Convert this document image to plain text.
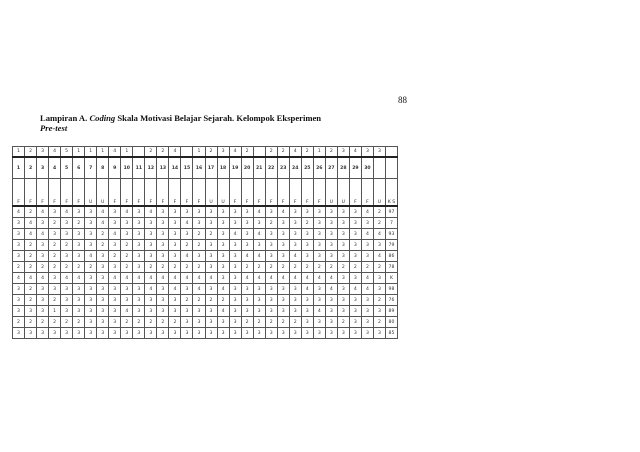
88
Lampiran A. Coding Skala Motivasi Belajar Sejarah. Kelompok Eksperimen
Pre-test
1	2	3	4	5	1	1	1	4	1		2	2	4		1	2	3	4	2		2	2	4	2	1	2	3	4	3	3	
1	2	3	4	5	6	7	8	9	10	11	12	13	14	15	16	17	18	19	20	21	22	23	24	25	26	27	28	29	30		
F	F	F	F	F	F	U	U	F	F	F	F	F	F	F	F	U	U	F	F	F	F	F	F	F	F	U	U	F	F	U	K S
4	2	4	3	4	3	3	4	3	4	3	4	3	3	3	3	3	3	3	3	4	3	4	3	3	3	3	3	3	4	2	97
3	4	3	2	3	2	3	4	3	3	3	3	3	3	4	3	3	3	3	3	3	2	3	3	2	3	3	3	3	3	2	7
3	4	4	3	3	3	3	2	4	3	3	3	3	3	3	2	2	3	4	3	4	3	3	3	3	3	3	3	3	4	4	93
3	2	3	2	2	3	3	2	3	2	3	3	3	3	2	2	3	3	3	3	3	3	3	3	3	3	3	3	3	3	3	79
3	2	3	2	3	3	4	3	2	2	3	3	3	3	4	3	3	3	3	4	4	3	3	4	3	3	3	3	3	3	4	86
2	2	2	2	2	2	2	3	3	2	3	2	2	2	2	2	3	3	3	2	2	2	2	2	2	2	2	2	2	2	2	78
4	4	4	3	4	4	3	3	4	4	4	4	4	4	4	4	4	3	3	4	4	4	4	4	4	4	4	3	3	4	3	K
3	2	3	3	3	3	3	3	3	3	3	4	3	4	3	4	3	4	3	3	3	3	3	3	4	3	4	3	4	4	3	98
3	2	3	2	3	3	3	3	3	3	3	3	3	3	2	2	2	2	3	3	3	3	3	3	3	3	3	3	3	3	2	76
3	3	3	1	3	3	3	3	3	4	3	3	3	3	3	3	3	4	3	3	3	3	3	3	3	4	3	3	3	3	3	89
2	2	2	2	2	2	3	3	3	2	2	2	2	2	3	3	3	3	3	2	2	2	2	2	3	3	3	2	3	3	2	80
3	3	3	3	3	3	3	3	3	3	3	3	3	3	3	3	3	3	3	3	3	3	3	3	3	3	3	3	3	3	3	85
